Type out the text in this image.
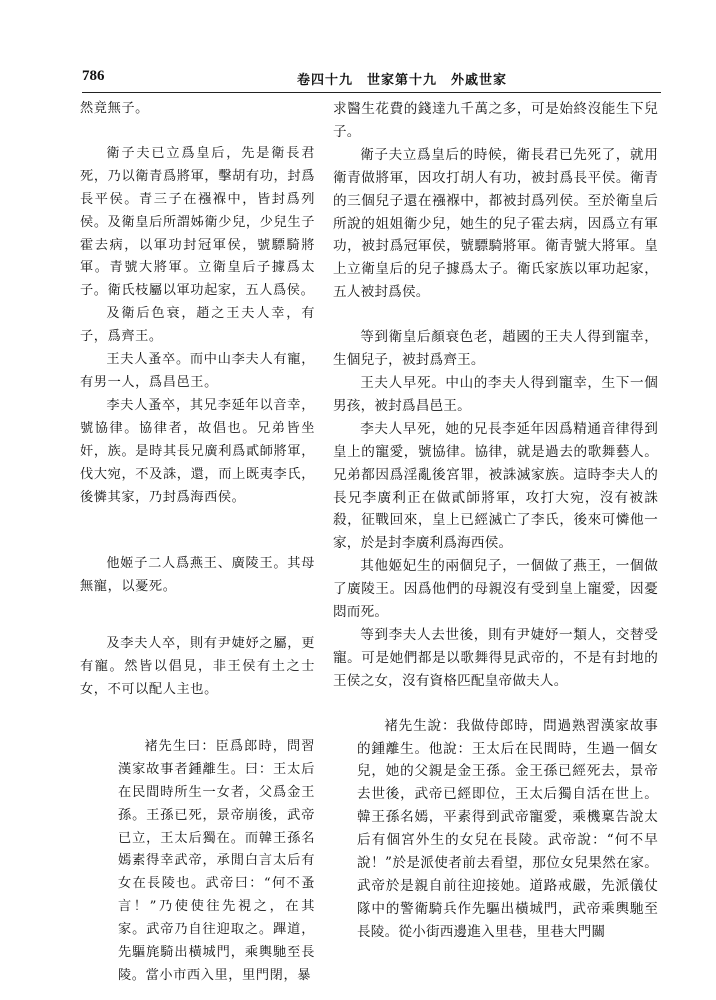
786	卷四十九　世家第十九　外戚世家

然竟無子。

衛子夫已立爲皇后，先是衛長君死，乃以衛青爲將軍，擊胡有功，封爲長平侯。青三子在襁褓中，皆封爲列侯。及衛皇后所謂姊衛少兒，少兒生子霍去病，以軍功封冠軍侯，號驃騎將軍。青號大將軍。立衛皇后子據爲太子。衛氏枝屬以軍功起家，五人爲侯。

及衛后色衰，趙之王夫人幸，有子，爲齊王。

王夫人蚤卒。而中山李夫人有寵，有男一人，爲昌邑王。

李夫人蚤卒，其兄李延年以音幸，號協律。協律者，故倡也。兄弟皆坐奸，族。是時其長兄廣利爲貳師將軍，伐大宛，不及誅，還，而上既夷李氏，後憐其家，乃封爲海西侯。

他姬子二人爲燕王、廣陵王。其母無寵，以憂死。

及李夫人卒，則有尹婕妤之屬，更有寵。然皆以倡見，非王侯有土之士女，不可以配人主也。

褚先生曰：臣爲郎時，問習漢家故事者鍾離生。曰：王太后在民間時所生一女者，父爲金王孫。王孫已死，景帝崩後，武帝已立，王太后獨在。而韓王孫名嫣素得幸武帝，承閒白言太后有女在長陵也。武帝曰：“何不蚤言！”乃使使往先視之，在其家。武帝乃自往迎取之。蹕道，先驅旄騎出橫城門，乘輿馳至長陵。當小市西入里，里門閉，暴

求醫生花費的錢達九千萬之多，可是始終沒能生下兒子。

衛子夫立爲皇后的時候，衛長君已先死了，就用衛青做將軍，因攻打胡人有功，被封爲長平侯。衛青的三個兒子還在襁褓中，都被封爲列侯。至於衛皇后所說的姐姐衛少兒，她生的兒子霍去病，因爲立有軍功，被封爲冠軍侯，號驃騎將軍。衛青號大將軍。皇上立衛皇后的兒子據爲太子。衛氏家族以軍功起家，五人被封爲侯。

等到衛皇后顏衰色老，趙國的王夫人得到寵幸，生個兒子，被封爲齊王。

王夫人早死。中山的李夫人得到寵幸，生下一個男孩，被封爲昌邑王。

李夫人早死，她的兄長李延年因爲精通音律得到皇上的寵愛，號協律。協律，就是過去的歌舞藝人。兄弟都因爲淫亂後宮罪，被誅滅家族。這時李夫人的長兄李廣利正在做貳師將軍，攻打大宛，沒有被誅殺，征戰回來，皇上已經滅亡了李氏，後來可憐他一家，於是封李廣利爲海西侯。

其他姬妃生的兩個兒子，一個做了燕王，一個做了廣陵王。因爲他們的母親沒有受到皇上寵愛，因憂悶而死。

等到李夫人去世後，則有尹婕妤一類人，交替受寵。可是她們都是以歌舞得見武帝的，不是有封地的王侯之女，沒有資格匹配皇帝做夫人。

褚先生說：我做侍郎時，問過熟習漢家故事的鍾離生。他說：王太后在民間時，生過一個女兒，她的父親是金王孫。金王孫已經死去，景帝去世後，武帝已經即位，王太后獨自活在世上。韓王孫名嫣，平素得到武帝寵愛，乘機稟告說太后有個宮外生的女兒在長陵。武帝說：“何不早說！”於是派使者前去看望，那位女兒果然在家。武帝於是親自前往迎接她。道路戒嚴，先派儀仗隊中的警衛騎兵作先驅出橫城門，武帝乘輿馳至長陵。從小街西邊進入里巷，里巷大門關
